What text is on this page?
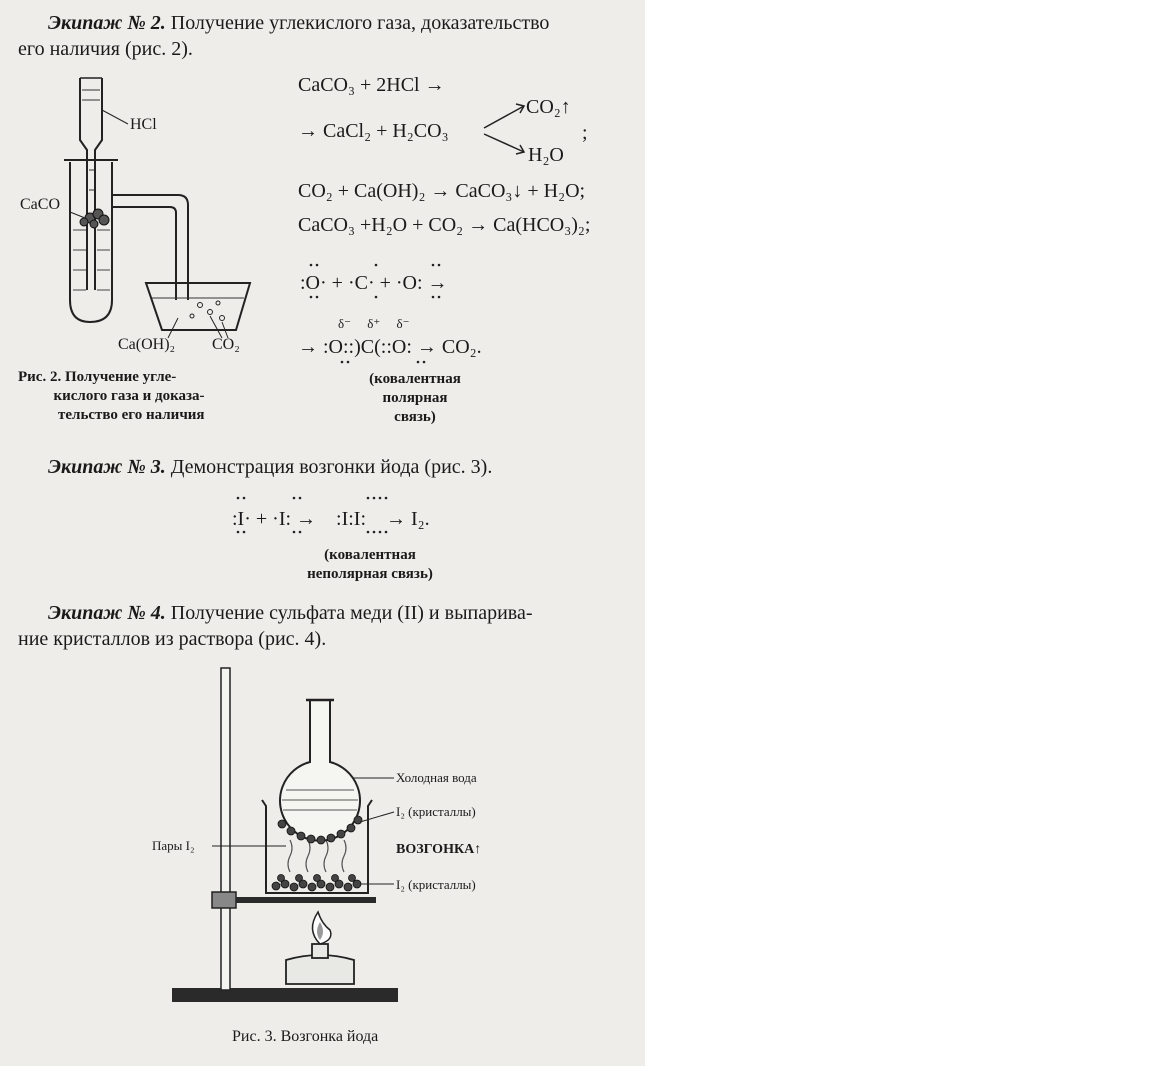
Экипаж № 2. Получение углекислого газа, доказательство
его наличия (рис. 2).
HCl
CaCO
Ca(OH)₂ CO₂
Рис. 2. Получение угле-
кислого газа и доказа-
тельство его наличия
CaCO₃ + 2HCl →
CO₂↑
→ CaCl₂ + H₂CO₃	;
H₂O
CO₂ + Ca(OH)₂ → CaCO₃↓ + H₂O;
CaCO₃ +H₂O + CO₂ → Ca(HCO₃)₂;
:O· + ·C· + ·O: →
δ⁻     δ⁺     δ⁻
→ :O::)C(::O: → CO₂.
(ковалентная
полярная
связь)
Экипаж № 3. Демонстрация возгонки йода (рис. 3).
:I· + ·I: →    :I:I:    → I₂.
(ковалентная
неполярная связь)
Экипаж № 4. Получение сульфата меди (II) и выпарива-
ние кристаллов из раствора (рис. 4).
Холодная вода
I₂ (кристаллы)
Пары I₂	ВОЗГОНКА↑
I₂ (кристаллы)
Рис. 3. Возгонка йода
